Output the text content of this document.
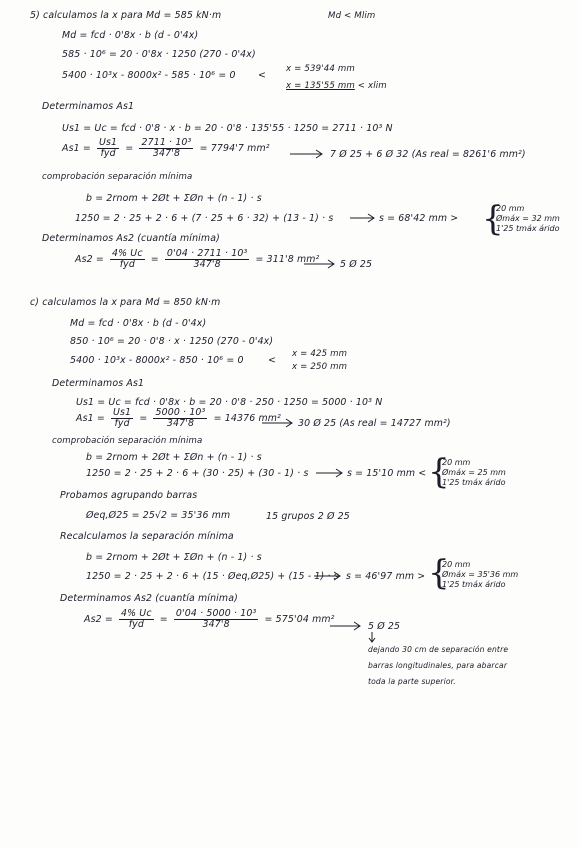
5) calculamos la x para Md = 585 kN·m	Md < Mlim
Md = fcd · 0'8x · b (d - 0'4x)
585 · 10⁶ = 20 · 0'8x · 1250 (270 - 0'4x)
5400 · 10³x - 8000x² - 585 · 10⁶ = 0 <
x = 539'44 mm
x = 135'55 mm < xlim
Determinamos As1
Us1 = Uc = fcd · 0'8 · x · b = 20 · 0'8 · 135'55 · 1250 = 2711 · 10³ N
$As1 = \frac{Us1}{\text{fyd}} = \frac{\text{2711 · 10³}}{347'8} = 7794'7$ mm²
7 Ø 25 + 6 Ø 32 (As real = 8261'6 mm²)
comprobación separación mínima
b = 2rnom + 2Øt + ΣØn + (n - 1) · s
1250 = 2 · 25 + 2 · 6 + (7 · 25 + 6 · 32) + (13 - 1) · s	s = 68'42 mm > {
20 mm
Ømáx = 32 mm
1'25 tmáx árido
Determinamos As2 (cuantía mínima)
$As2 = \frac{4\% Uc}{\text{fyd}} = \frac{\text{0'04 · 2711 · 10³}}{347'8} = 311'8$ mm² 5 Ø 25
c) calculamos la x para Md = 850 kN·m
Md = fcd · 0'8x · b (d - 0'4x)
850 · 10⁶ = 20 · 0'8 · x · 1250 (270 - 0'4x)
5400 · 10³x - 8000x² - 850 · 10⁶ = 0	<
x = 425 mm
x = 250 mm
Determinamos As1
Us1 = Uc = fcd · 0'8x · b = 20 · 0'8 · 250 · 1250 = 5000 · 10³ N
$As1 = \frac{Us1}{\text{fyd}} = \frac{\text{5000 · 10³}}{347'8} = 14376$ mm² 30 Ø 25 (As real = 14727 mm²)
comprobación separación mínima
b = 2rnom + 2Øt + ΣØn + (n - 1) · s
1250 = 2 · 25 + 2 · 6 + (30 · 25) + (30 - 1) · s	s = 15'10 mm < {
20 mm
Ømáx = 25 mm
1'25 tmáx árido
Probamos agrupando barras
Øeq,Ø25 = 25√2 = 35'36 mm	15 grupos 2 Ø 25
Recalculamos la separación mínima
b = 2rnom + 2Øt + ΣØn + (n - 1) · s
1250 = 2 · 25 + 2 · 6 + (15 · Øeq,Ø25) + (15 - 1) · s s = 46'97 mm > {
20 mm
Ømáx = 35'36 mm
1'25 tmáx árido
Determinamos As2 (cuantía mínima)
$As2 = \frac{4\% Uc}{\text{fyd}} = \frac{\text{0'04 · 5000 · 10³}}{347'8} = 575'04$ mm²
5 Ø 25
dejando 30 cm de separación entre
barras longitudinales, para abarcar
toda la parte superior.
